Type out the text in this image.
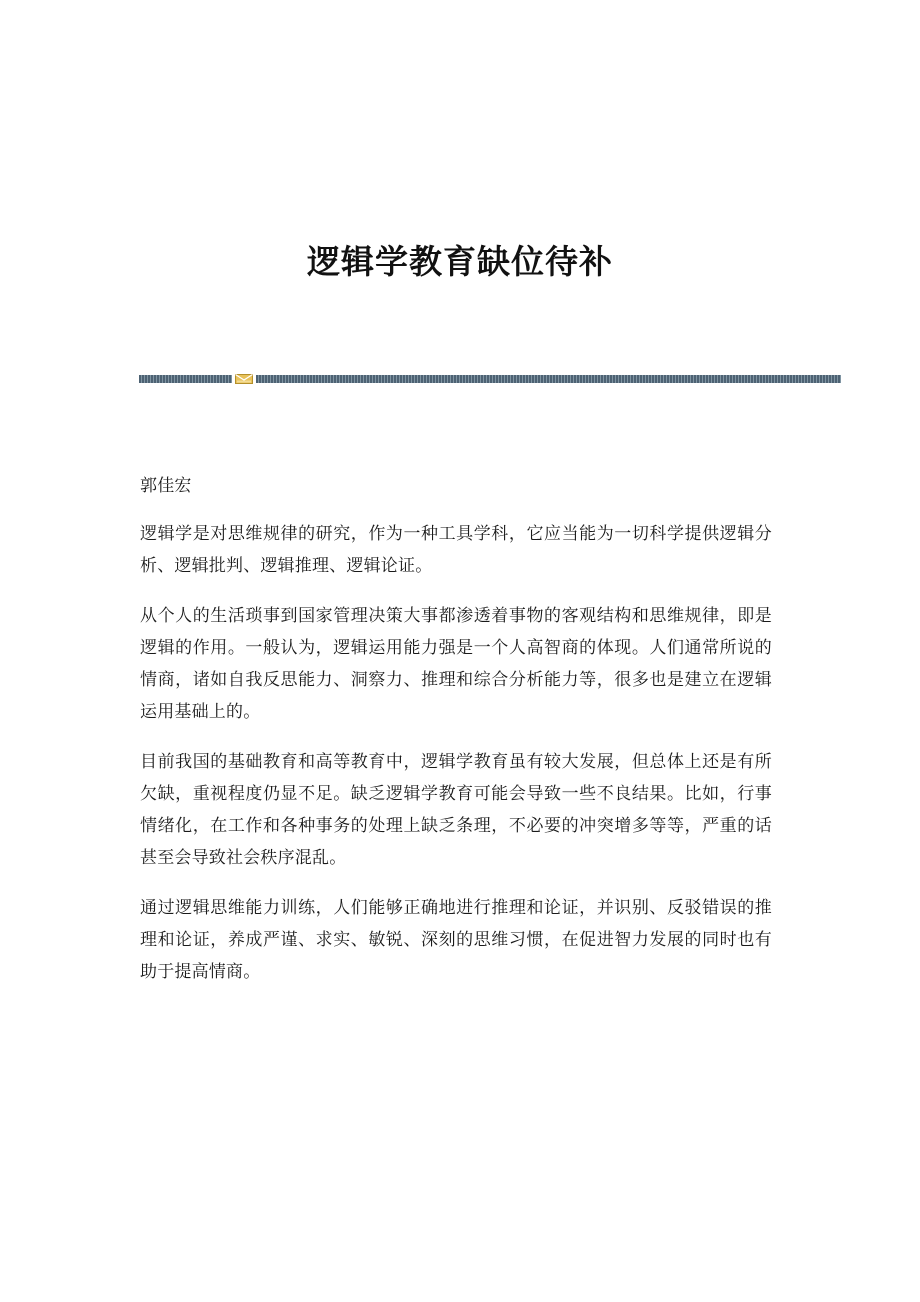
逻辑学教育缺位待补

郭佳宏

逻辑学是对思维规律的研究，作为一种工具学科，它应当能为一切科学提供逻辑分析、逻辑批判、逻辑推理、逻辑论证。

从个人的生活琐事到国家管理决策大事都渗透着事物的客观结构和思维规律，即是逻辑的作用。一般认为，逻辑运用能力强是一个人高智商的体现。人们通常所说的情商，诸如自我反思能力、洞察力、推理和综合分析能力等，很多也是建立在逻辑运用基础上的。

目前我国的基础教育和高等教育中，逻辑学教育虽有较大发展，但总体上还是有所欠缺，重视程度仍显不足。缺乏逻辑学教育可能会导致一些不良结果。比如，行事情绪化，在工作和各种事务的处理上缺乏条理，不必要的冲突增多等等，严重的话甚至会导致社会秩序混乱。

通过逻辑思维能力训练，人们能够正确地进行推理和论证，并识别、反驳错误的推理和论证，养成严谨、求实、敏锐、深刻的思维习惯，在促进智力发展的同时也有助于提高情商。
